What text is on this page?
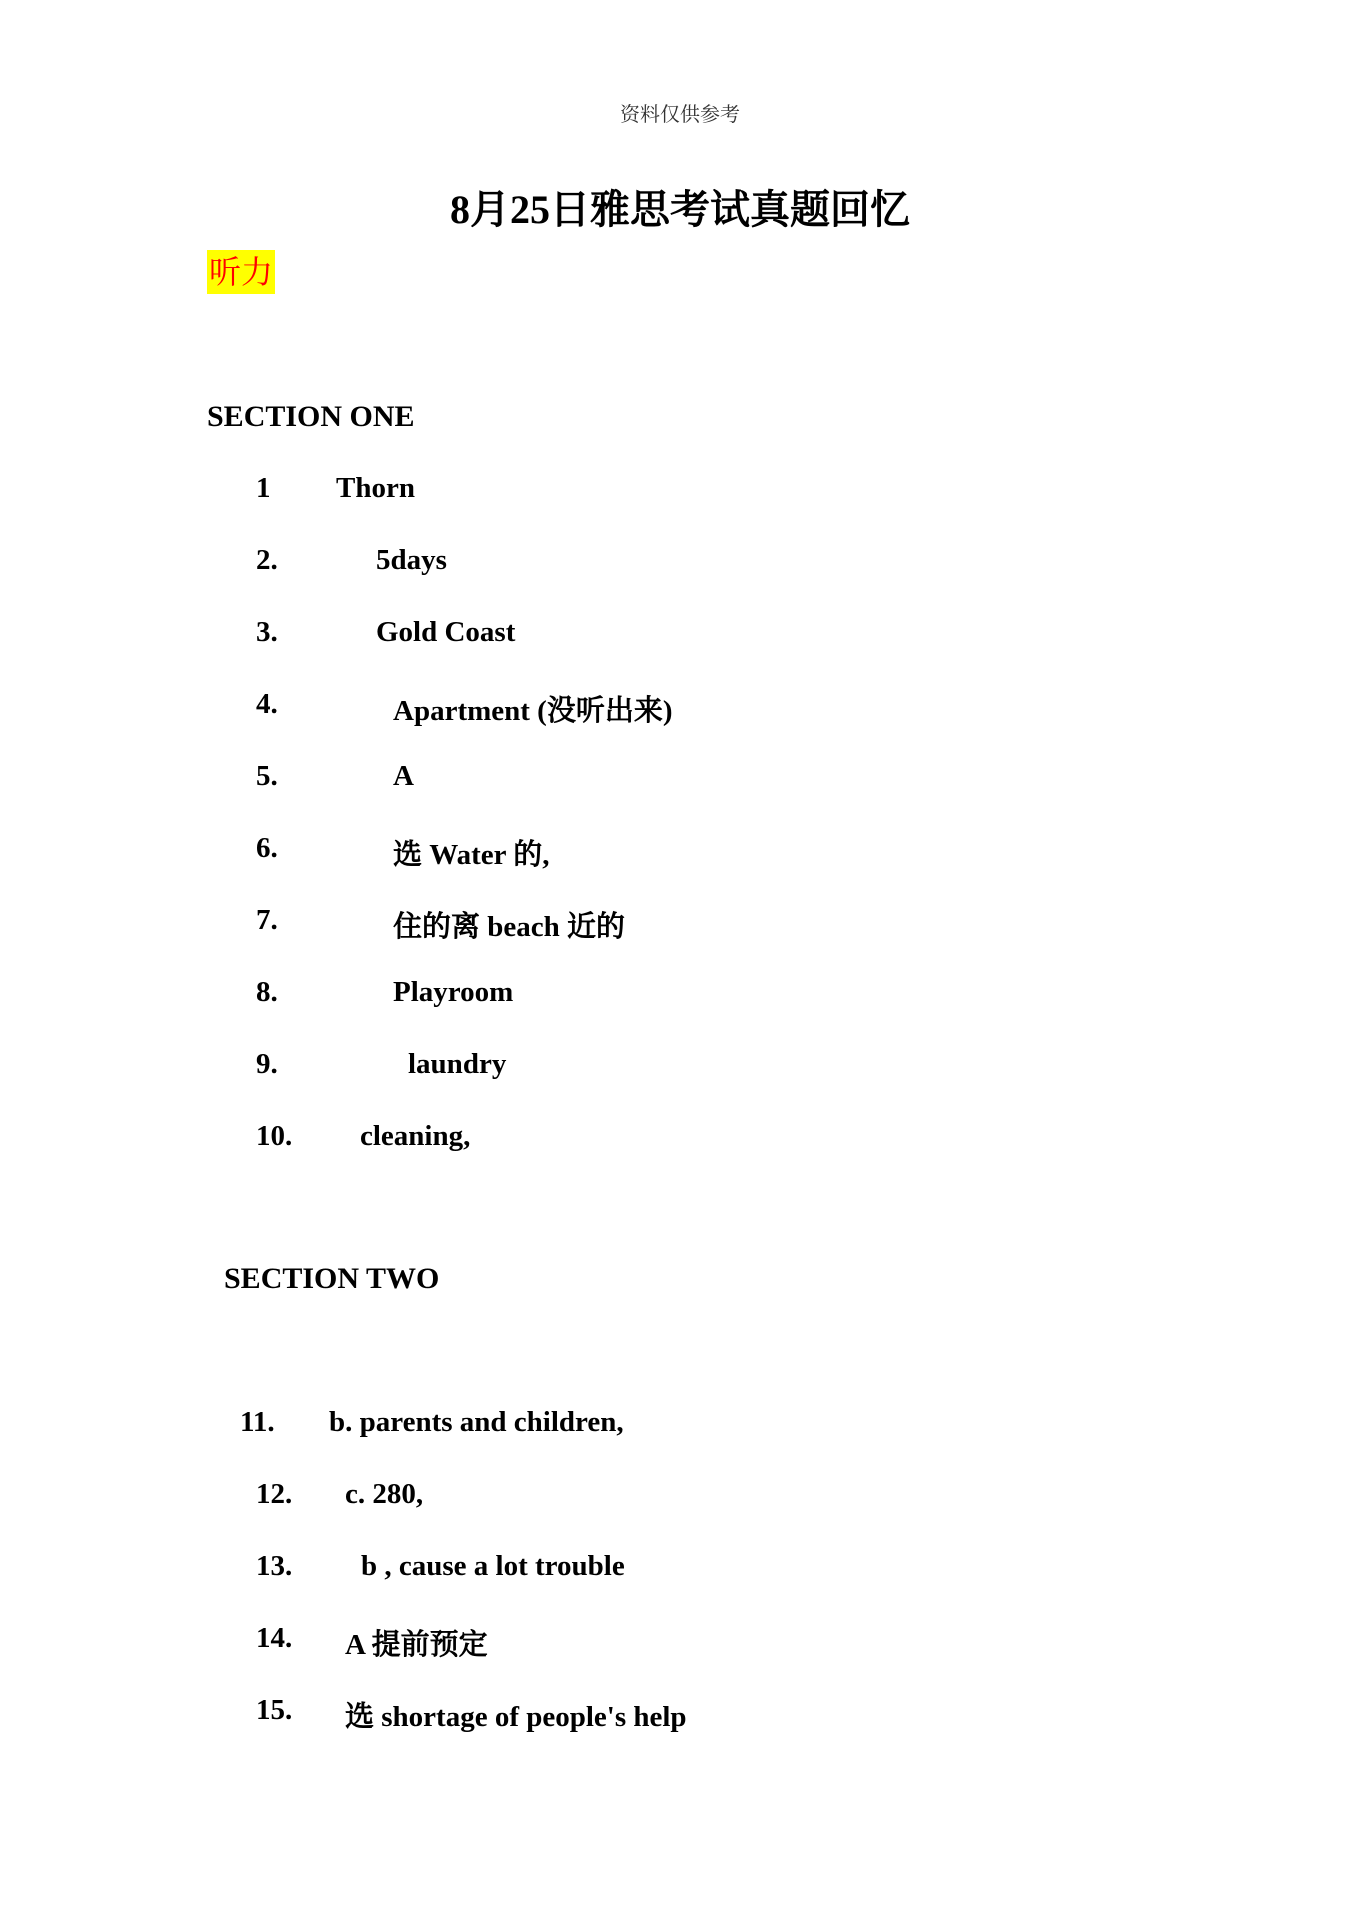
资料仅供参考
8月25日雅思考试真题回忆
听力
SECTION ONE
1 Thorn
2.	5days
3.	Gold Coast
4.	Apartment (没听出来)
5.	A
6.	选 Water 的,
7.	住的离 beach 近的
8.	Playroom
9.	laundry
10. cleaning,
SECTION TWO
11. b. parents and children,
12. c. 280,
13. b , cause a lot trouble
14. A 提前预定
15. 选 shortage of people's help
